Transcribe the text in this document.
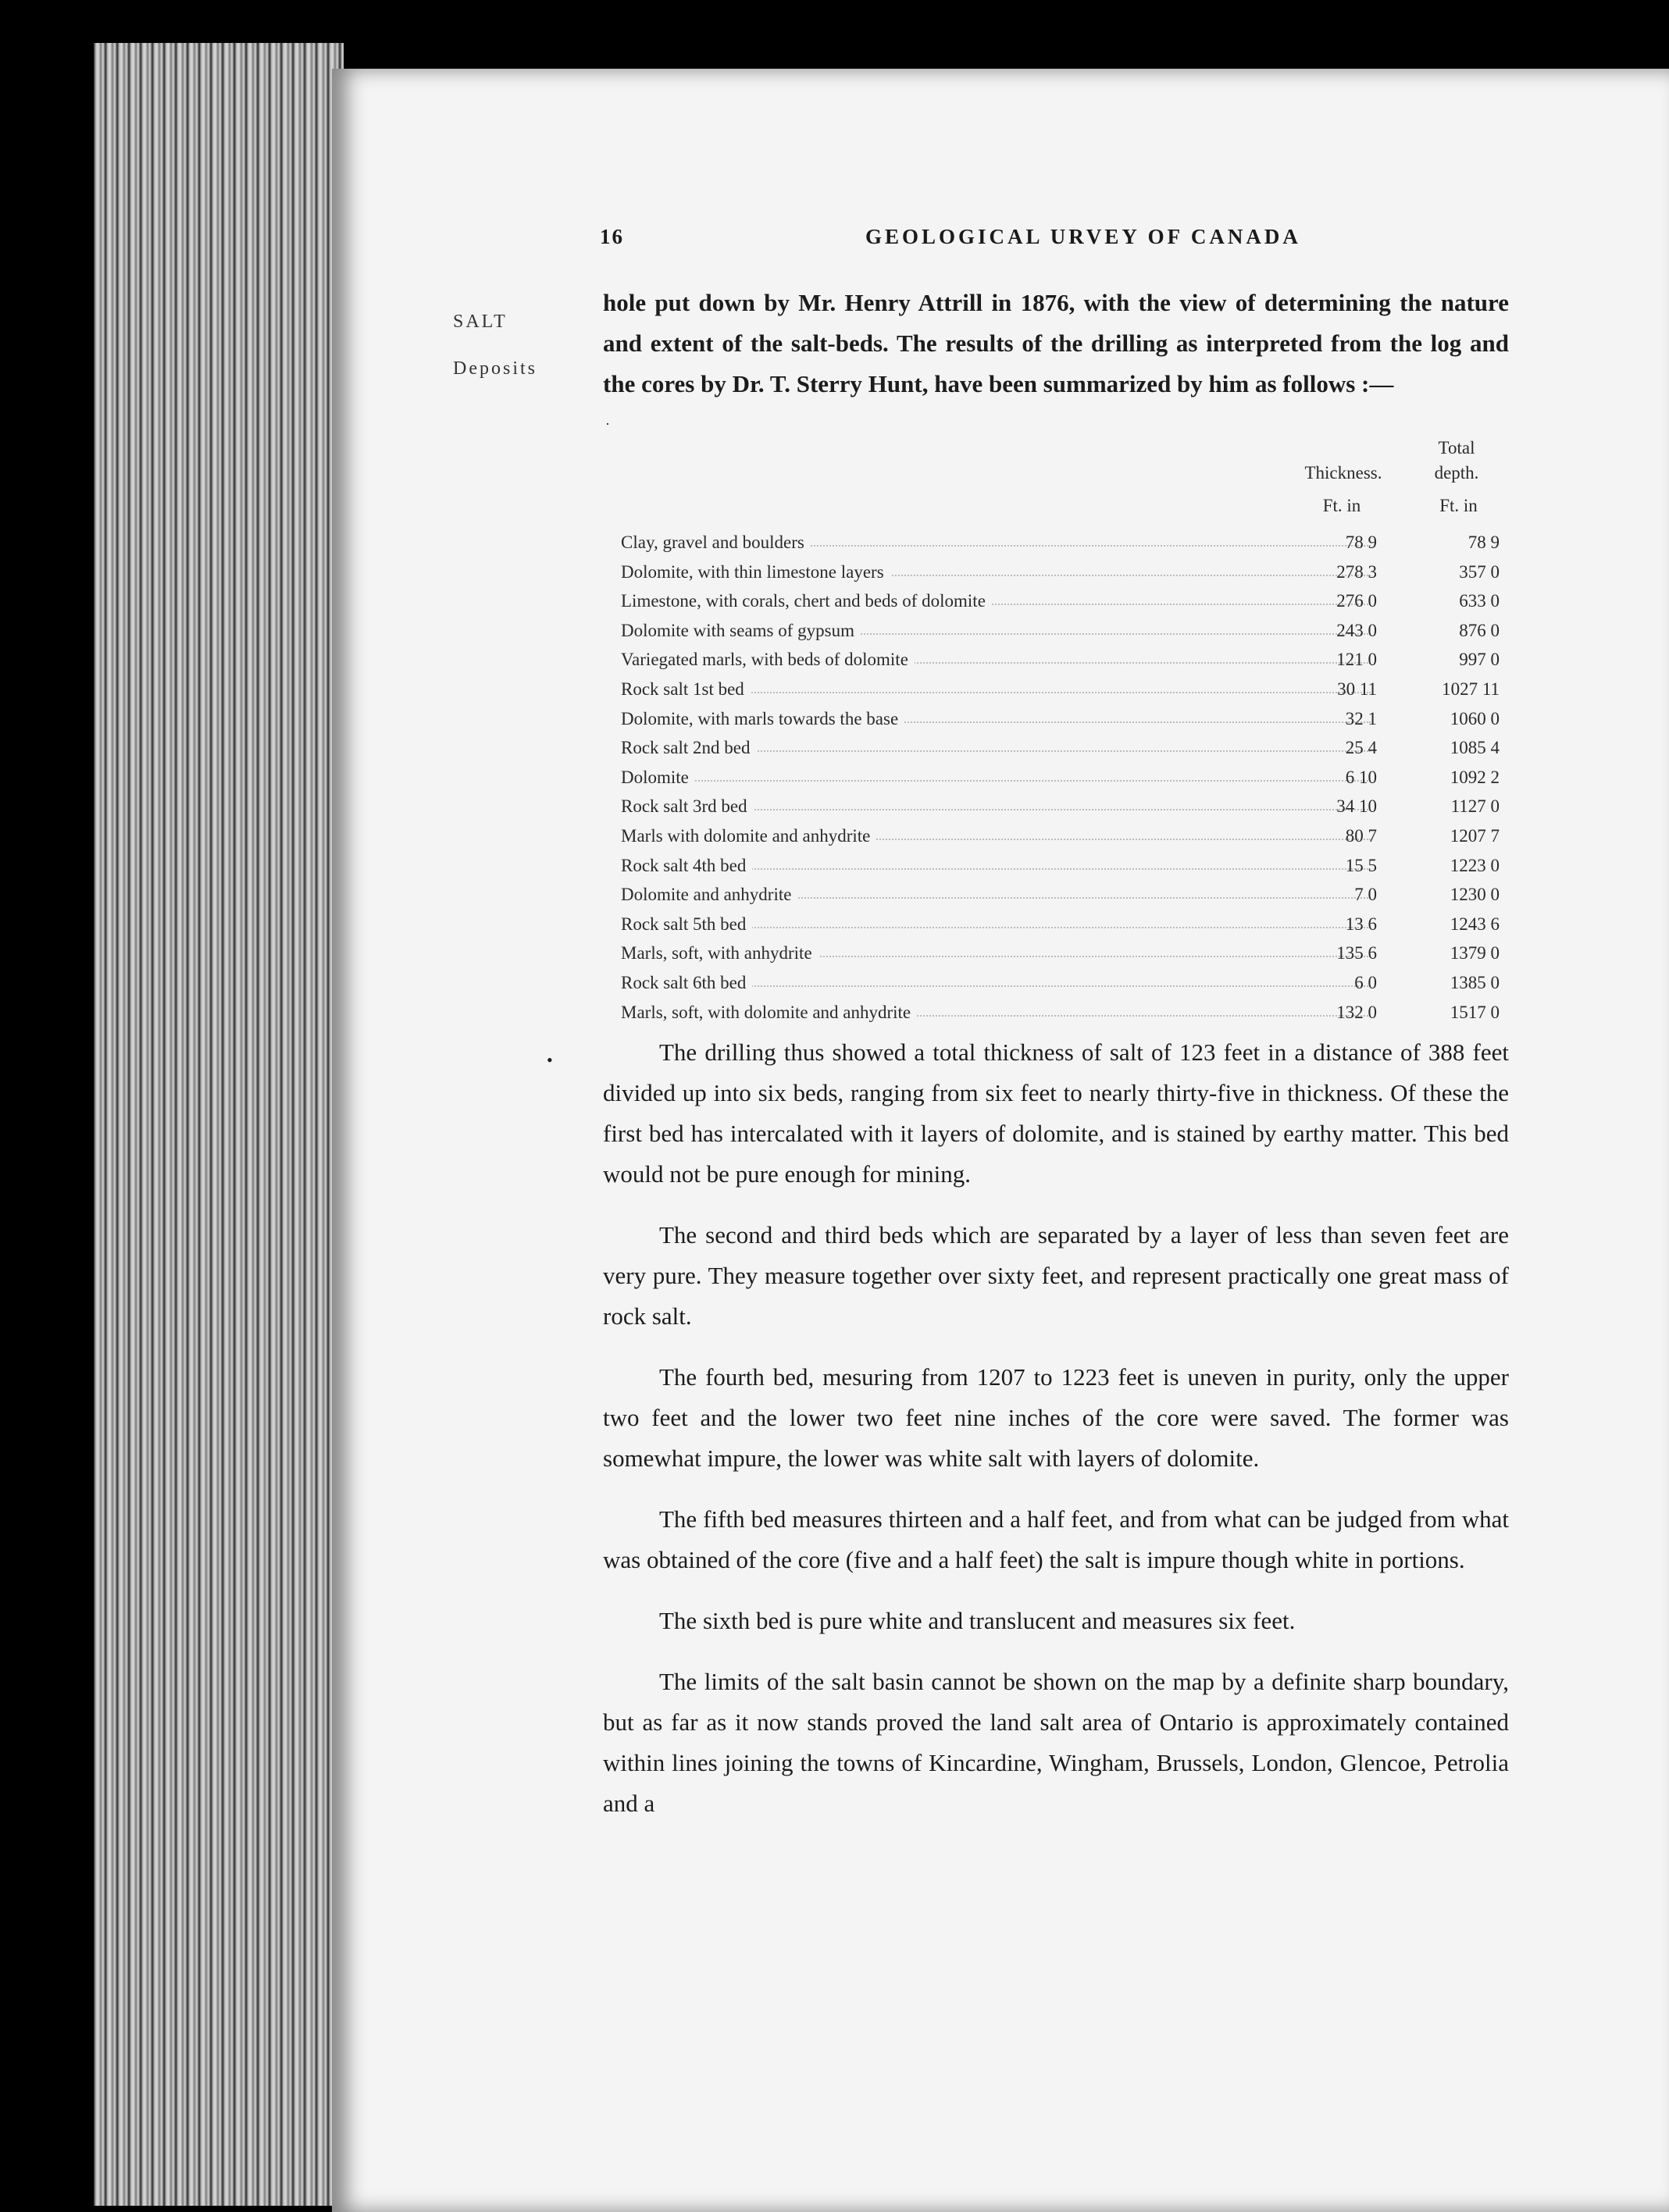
16	GEOLOGICAL URVEY OF CANADA
SALT
Deposits
·
hole put down by Mr. Henry Attrill in 1876, with the view of determining the nature and extent of the salt-beds. The results of the drilling as interpreted from the log and the cores by Dr. T. Sterry Hunt, have been summarized by him as follows :—
Total
Thickness.	depth.
Ft. in	Ft. in
Clay, gravel and boulders	78 9	78 9
Dolomite, with thin limestone layers	278 3	357 0
Limestone, with corals, chert and beds of dolomite	276 0	633 0
Dolomite with seams of gypsum	243 0	876 0
Variegated marls, with beds of dolomite	121 0	997 0
Rock salt 1st bed	30 11	1027 11
Dolomite, with marls towards the base	32 1	1060 0
Rock salt 2nd bed	25 4	1085 4
Dolomite	6 10	1092 2
Rock salt 3rd bed	34 10	1127 0
Marls with dolomite and anhydrite	80 7	1207 7
Rock salt 4th bed	15 5	1223 0
Dolomite and anhydrite	7 0	1230 0
Rock salt 5th bed	13 6	1243 6
Marls, soft, with anhydrite	135 6	1379 0
Rock salt 6th bed	6 0	1385 0
Marls, soft, with dolomite and anhydrite	132 0	1517 0
•	The drilling thus showed a total thickness of salt of 123 feet in a distance of 388 feet divided up into six beds, ranging from six feet to nearly thirty-five in thickness. Of these the first bed has intercalated with it layers of dolomite, and is stained by earthy matter. This bed would not be pure enough for mining.

The second and third beds which are separated by a layer of less than seven feet are very pure. They measure together over sixty feet, and represent practically one great mass of rock salt.

The fourth bed, mesuring from 1207 to 1223 feet is uneven in purity, only the upper two feet and the lower two feet nine inches of the core were saved. The former was somewhat impure, the lower was white salt with layers of dolomite.

The fifth bed measures thirteen and a half feet, and from what can be judged from what was obtained of the core (five and a half feet) the salt is impure though white in portions.

The sixth bed is pure white and translucent and measures six feet.

The limits of the salt basin cannot be shown on the map by a definite sharp boundary, but as far as it now stands proved the land salt area of Ontario is approximately contained within lines joining the towns of Kincardine, Wingham, Brussels, London, Glencoe, Petrolia and a
